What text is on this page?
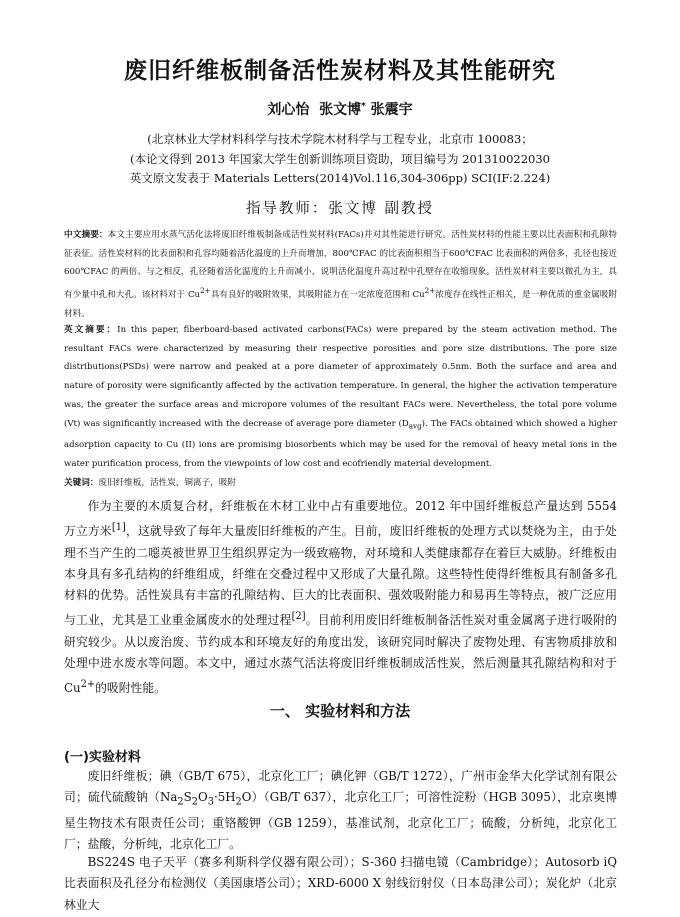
废旧纤维板制备活性炭材料及其性能研究
刘心怡 张文博* 张震宇
(北京林业大学材料科学与技术学院木材科学与工程专业，北京市 100083；
(本论文得到 2013 年国家大学生创新训练项目资助，项目编号为 201310022030
英文原文发表于 Materials Letters(2014)Vol.116,304-306pp) SCI(IF:2.224)
指导教师：张文博 副教授
中文摘要：本文主要应用水蒸气活化法将废旧纤维板制备成活性炭材料(FACs)并对其性能进行研究。活性炭材料的性能主要以比表面积和孔隙特征表征。活性炭材料的比表面积和孔容均随着活化温度的上升而增加，800℃FAC 的比表面积相当于600℃FAC 比表面积的两倍多，孔径也接近 600℃FAC 的两倍。与之相反，孔径随着活化温度的上升而减小，说明活化温度升高过程中孔壁存在收缩现象。活性炭材料主要以微孔为主，具有少量中孔和大孔。该材料对于 $Cu^{2+}$具有良好的吸附效果，其吸附能力在一定浓度范围和 $Cu^{2+}$浓度存在线性正相关，是一种优质的重金属吸附材料。
英文摘要：In this paper, fiberboard-based activated carbons(FACs) were prepared by the steam activation method. The resultant FACs were characterized by measuring their respective porosities and pore size distributions. The pore size distributions(PSDs) were narrow and peaked at a pore diameter of approximately 0.5nm. Both the surface and area and nature of porosity were significantly affected by the activation temperature. In general, the higher the activation temperature was, the greater the surface areas and micropore volumes of the resultant FACs were. Nevertheless, the total pore volume (Vt) was significantly increased with the decrease of average pore diameter $(D_{avg})$. The FACs obtained which showed a higher adsorption capacity to Cu (II) ions are promising biosorbents which may be used for the removal of heavy metal ions in the water purification process, from the viewpoints of low cost and ecofriendly material development.
关键词：废旧纤维板，活性炭，铜离子，吸附
作为主要的木质复合材，纤维板在木材工业中占有重要地位。2012 年中国纤维板总产量达到 5554 万立方米[1]，这就导致了每年大量废旧纤维板的产生。目前，废旧纤维板的处理方式以焚烧为主，由于处理不当产生的二噁英被世界卫生组织界定为一级致癌物，对环境和人类健康都存在着巨大威胁。纤维板由本身具有多孔结构的纤维组成，纤维在交叠过程中又形成了大量孔隙。这些特性使得纤维板具有制备多孔材料的优势。活性炭具有丰富的孔隙结构、巨大的比表面积、强效吸附能力和易再生等特点，被广泛应用与工业，尤其是工业重金属废水的处理过程[2]。目前利用废旧纤维板制备活性炭对重金属离子进行吸附的研究较少。从以废治废、节约成本和环境友好的角度出发，该研究同时解决了废物处理、有害物质排放和处理中进水废水等问题。本文中，通过水蒸气活法将废旧纤维板制成活性炭，然后测量其孔隙结构和对于 $Cu^{2+}$的吸附性能。
一、 实验材料和方法
(一)实验材料
废旧纤维板；碘（GB/T 675），北京化工厂；碘化钾（GB/T 1272），广州市金华大化学试剂有限公司；硫代硫酸钠$(Na_2S_2O_3\cdot 5H_2O)(GB/T$ 637），北京化工厂；可溶性淀粉（HGB 3095），北京奥博星生物技术有限责任公司；重铬酸钾（GB 1259），基准试剂，北京化工厂；硫酸，分析纯，北京化工厂；盐酸，分析纯，北京化工厂。
BS224S 电子天平（赛多利斯科学仪器有限公司）；S-360 扫描电镜（Cambridge）；Autosorb iQ 比表面积及孔径分布检测仪（美国康塔公司）；XRD-6000 X 射线衍射仪（日本岛津公司）；炭化炉（北京林业大
